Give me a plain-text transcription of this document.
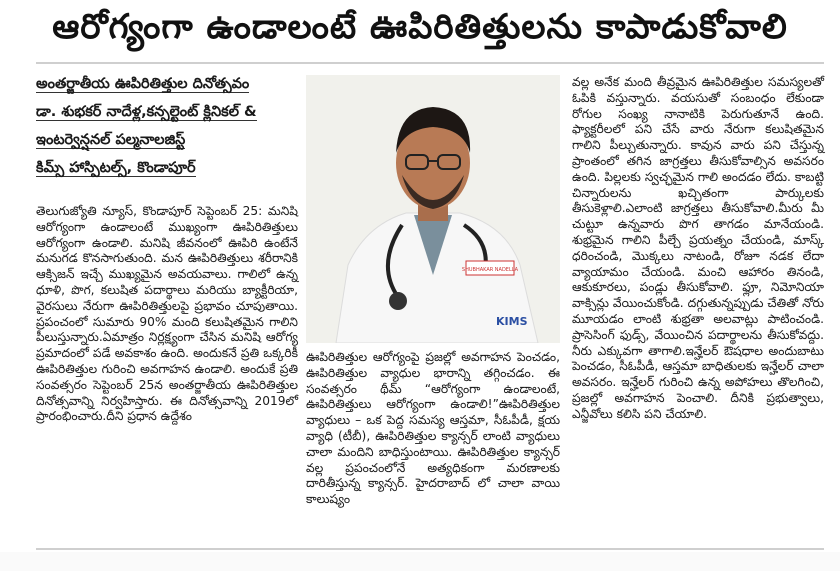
ఆరోగ్యంగా ఉండాలంటే ఊపిరితిత్తులను కాపాడుకోవాలి
అంతర్జాతీయ ఊపిరితిత్తుల దినోత్సవం
డా. శుభకర్ నాదేళ్ల,కన్సల్టెంట్ క్లినికల్ &
ఇంటర్వెన్షనల్ పల్మనాలజిస్ట్
కిమ్స్ హాస్పిటల్స్, కొండాపూర్
తెలుగుజ్యోతి న్యూస్, కొండాపూర్ సెప్టెంబర్ 25: మనిషి ఆరోగ్యంగా ఉండాలంటే ముఖ్యంగా ఊపిరితిత్తులు ఆరోగ్యంగా ఉండాలి. మనిషి జీవనంలో ఊపిరి ఉంటేనే మనుగడ కొనసాగుతుంది. మన ఊపిరితిత్తులు శరీరానికి ఆక్సిజన్ ఇచ్చే ముఖ్యమైన అవయవాలు. గాలిలో ఉన్న ధూళి, పొగ, కలుషిత పదార్థాలు మరియు బ్యాక్టీరియా, వైరసులు నేరుగా ఊపిరితిత్తులపై ప్రభావం చూపుతాయి. ప్రపంచంలో సుమారు 90% మంది కలుషితమైన గాలిని పీలుస్తున్నారు.ఏమాత్రం నిర్లక్ష్యంగా చేసిన మనిషి ఆరోగ్య ప్రమాదంలో పడే అవకాశం ఉంది. అందుకనే ప్రతి ఒక్కరికీ ఊపిరితిత్తుల గురించి అవగాహన ఉండాలి. అందుకే ప్రతి సంవత్సరం సెప్టెంబర్ 25న అంతర్జాతీయ ఊపిరితిత్తుల దినోత్సవాన్ని నిర్వహిస్తారు. ఈ దినోత్సవాన్ని 2019లో ప్రారంభించారు.దీని ప్రధాన ఉద్దేశం
SHUBHAKAR NADELLA
KIMS
ఊపిరితిత్తుల ఆరోగ్యంపై ప్రజల్లో అవగాహన పెంచడం, ఊపిరితిత్తుల వ్యాధుల భారాన్ని తగ్గించడం. ఈ సంవత్సరం థీమ్ “ఆరోగ్యంగా ఉండాలంటే, ఊపిరితిత్తులు ఆరోగ్యంగా ఉండాలి!”ఊపిరితిత్తుల వ్యాధులు – ఒక పెద్ద సమస్య ఆస్తమా, సీఓపీడీ, క్షయ వ్యాధి (టీబీ), ఊపిరితిత్తుల క్యాన్సర్ లాంటి వ్యాధులు చాలా మందిని బాధిస్తుంటాయి. ఊపిరితిత్తుల క్యాన్సర్ వల్ల ప్రపంచంలోనే అత్యధికంగా మరణాలకు దారితీస్తున్న క్యాన్సర్. హైదరాబాద్ లో చాలా వాయి కాలుష్యం
వల్ల అనేక మంది తీవ్రమైన ఊపిరితిత్తుల సమస్యలతో ఓపికి వస్తున్నారు. వయసుతో సంబంధం లేకుండా రోగుల సంఖ్య నానాటికి పెరుగుతూనే ఉంది. ఫ్యాక్టరీలలో పని చేసే వారు నేరుగా కలుషితమైన గాలిని పీల్చుతున్నారు. కావున వారు పని చేస్తున్న ప్రాంతంలో తగిన జాగ్రత్తలు తీసుకోవాల్సిన అవసరం ఉంది. పిల్లలకు స్వచ్ఛమైన గాలి అందడం లేదు. కాబట్టి చిన్నారులను ఖచ్చితంగా పార్కులకు తీసుకెళ్లాలి.ఎలాంటి జాగ్రత్తలు తీసుకోవాలి.మీరు మీ చుట్టూ ఉన్నవారు పొగ తాగడం మానేయండి. శుభ్రమైన గాలిని పీల్చే ప్రయత్నం చేయండి, మాస్క్ ధరించండి, మొక్కలు నాటండి, రోజూ నడక లేదా వ్యాయామం చేయండి. మంచి ఆహారం తినండి, ఆకుకూరలు, పండ్లు తీసుకోవాలి. ఫ్లూ, నిమోనియా వాక్సిన్లు వేయించుకోండి. దగ్గుతున్నప్పుడు చేతితో నోరు మూయడం లాంటి శుభ్రతా అలవాట్లు పాటించండి. ప్రాసెసింగ్ ఫుడ్స్, వేయించిన పదార్థాలను తీసుకోవద్దు. నీరు ఎక్కువగా తాగాలి.ఇన్హేలర్ ఔషధాల అందుబాటు పెంచడం, సీఓపీడీ, ఆస్తమా బాధితులకు ఇన్హేలర్ చాలా అవసరం. ఇన్హేలర్ గురించి ఉన్న అపోహలు తొలగించి, ప్రజల్లో అవగాహన పెంచాలి. దీనికి ప్రభుత్వాలు, ఎన్జీవోలు కలిసి పని చేయాలి.
